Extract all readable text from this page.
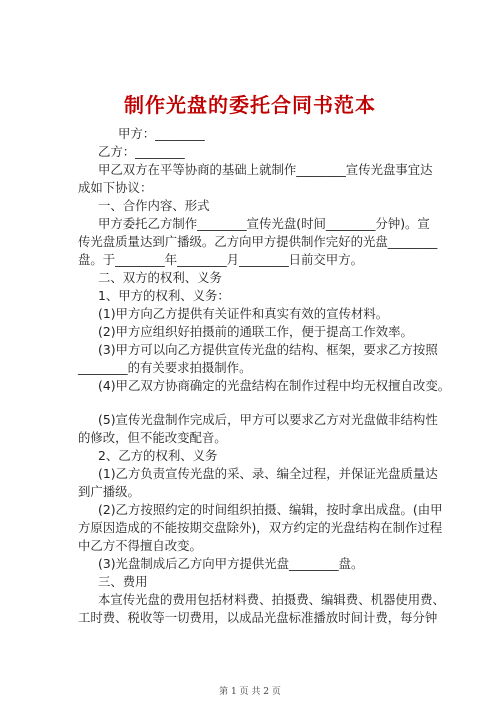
制作光盘的委托合同书范本
甲方：________
乙方：________
甲乙双方在平等协商的基础上就制作________宣传光盘事宜达
成如下协议：
一、合作内容、形式
甲方委托乙方制作________宣传光盘(时间________分钟)。宣
传光盘质量达到广播级。乙方向甲方提供制作完好的光盘________
盘。于________年________月________日前交甲方。
二、双方的权利、义务
1、甲方的权利、义务：
(1)甲方向乙方提供有关证件和真实有效的宣传材料。
(2)甲方应组织好拍摄前的通联工作，便于提高工作效率。
(3)甲方可以向乙方提供宣传光盘的结构、框架，要求乙方按照
________的有关要求拍摄制作。
(4)甲乙双方协商确定的光盘结构在制作过程中均无权擅自改变。
(5)宣传光盘制作完成后，甲方可以要求乙方对光盘做非结构性
的修改，但不能改变配音。
2、乙方的权利、义务
(1)乙方负责宣传光盘的采、录、编全过程，并保证光盘质量达
到广播级。
(2)乙方按照约定的时间组织拍摄、编辑，按时拿出成盘。(由甲
方原因造成的不能按期交盘除外)，双方约定的光盘结构在制作过程
中乙方不得擅自改变。
(3)光盘制成后乙方向甲方提供光盘________盘。
三、费用
本宣传光盘的费用包括材料费、拍摄费、编辑费、机器使用费、
工时费、税收等一切费用，以成品光盘标准播放时间计费，每分钟
第 1 页 共 2 页
